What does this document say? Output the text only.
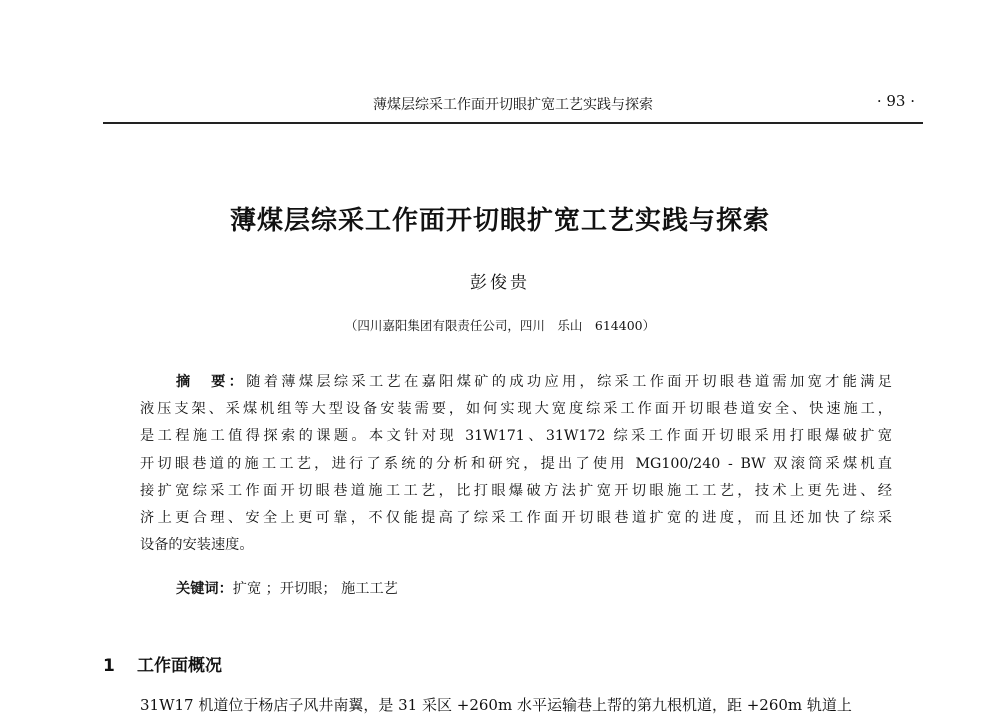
薄煤层综采工作面开切眼扩宽工艺实践与探索	· 93 ·
薄煤层综采工作面开切眼扩宽工艺实践与探索
彭俊贵
（四川嘉阳集团有限责任公司，四川　乐山　614400）
摘　要：随着薄煤层综采工艺在嘉阳煤矿的成功应用，综采工作面开切眼巷道需加宽才能满足
液压支架、采煤机组等大型设备安装需要，如何实现大宽度综采工作面开切眼巷道安全、快速施工，
是工程施工值得探索的课题。本文针对现 31W171、31W172 综采工作面开切眼采用打眼爆破扩宽
开切眼巷道的施工工艺，进行了系统的分析和研究，提出了使用 MG100/240 - BW 双滚筒采煤机直
接扩宽综采工作面开切眼巷道施工工艺，比打眼爆破方法扩宽开切眼施工工艺，技术上更先进、经
济上更合理、安全上更可靠，不仅能提高了综采工作面开切眼巷道扩宽的进度，而且还加快了综采
设备的安装速度。
关键词：扩宽 ；开切眼； 施工工艺
1 工作面概况
31W17 机道位于杨店子风井南翼，是 31 采区 +260m 水平运输巷上帮的第九根机道，距 +260m 轨道上
